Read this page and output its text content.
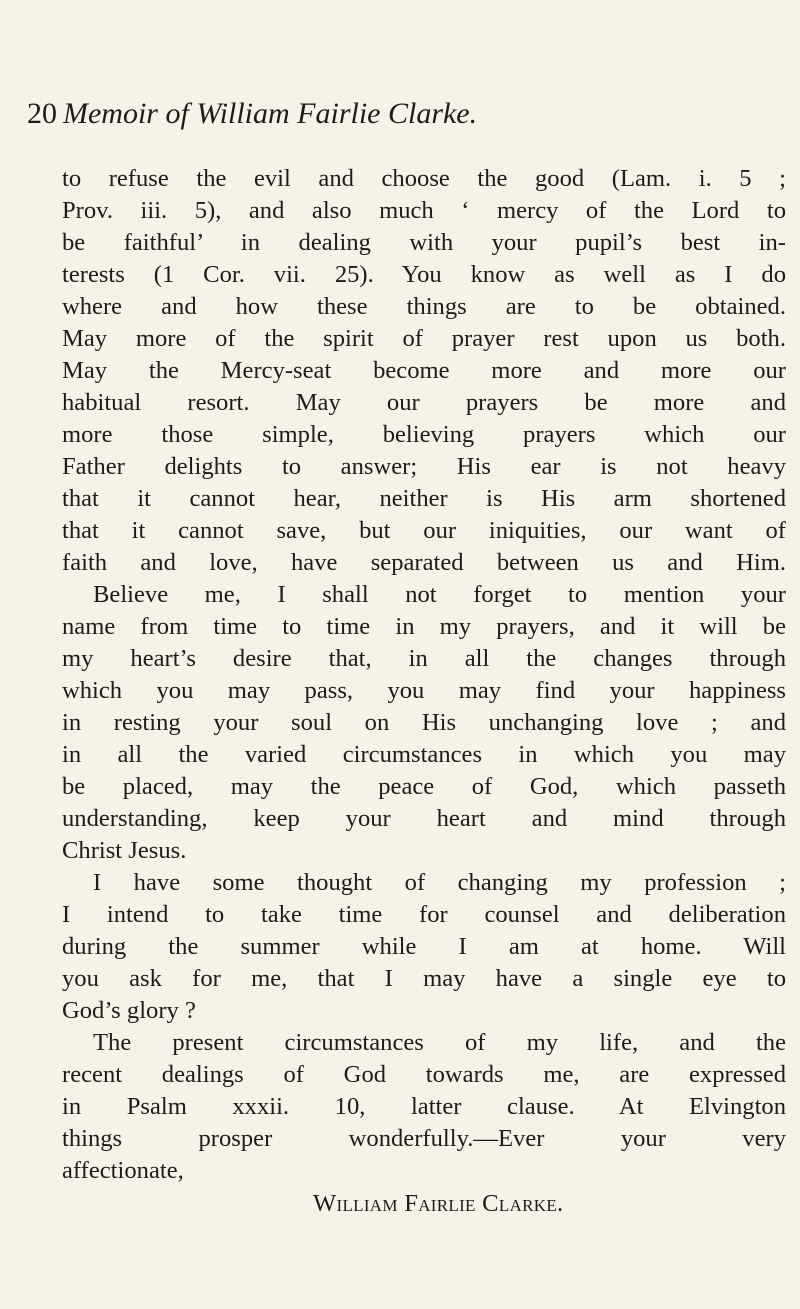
20 Memoir of William Fairlie Clarke.
to refuse the evil and choose the good (Lam. i. 5 ;
Prov. iii. 5), and also much ‘ mercy of the Lord to
be faithful’ in dealing with your pupil’s best in-
terests (1 Cor. vii. 25). You know as well as I do
where and how these things are to be obtained.
May more of the spirit of prayer rest upon us both.
May the Mercy-seat become more and more our
habitual resort. May our prayers be more and
more those simple, believing prayers which our
Father delights to answer; His ear is not heavy
that it cannot hear, neither is His arm shortened
that it cannot save, but our iniquities, our want of
faith and love, have separated between us and Him.
Believe me, I shall not forget to mention your
name from time to time in my prayers, and it will be
my heart’s desire that, in all the changes through
which you may pass, you may find your happiness
in resting your soul on His unchanging love ; and
in all the varied circumstances in which you may
be placed, may the peace of God, which passeth
understanding, keep your heart and mind through
Christ Jesus.
I have some thought of changing my profession ;
I intend to take time for counsel and deliberation
during the summer while I am at home. Will
you ask for me, that I may have a single eye to
God’s glory ?
The present circumstances of my life, and the
recent dealings of God towards me, are expressed
in Psalm xxxii. 10, latter clause. At Elvington
things prosper wonderfully.—Ever your very
affectionate,
William Fairlie Clarke.
